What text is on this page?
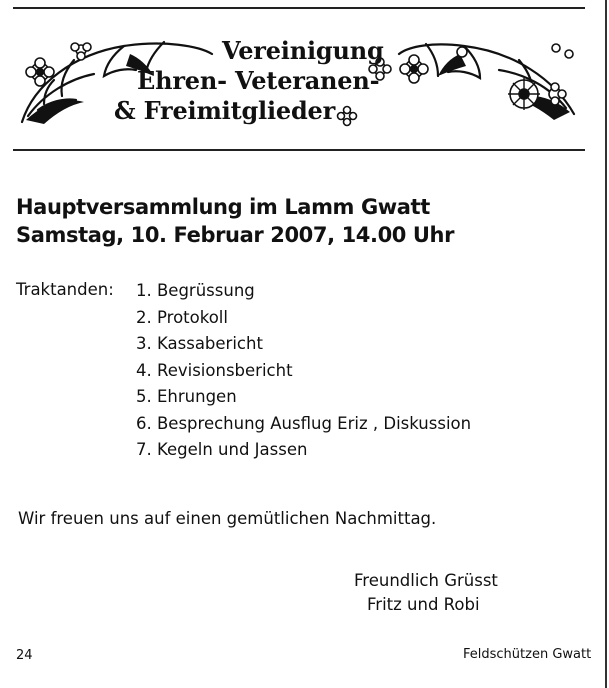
Vereinigung
Ehren- Veteranen-
& Freimitglieder
Hauptversammlung im Lamm Gwatt
Samstag, 10. Februar 2007, 14.00 Uhr
Traktanden: 1. Begrüssung
2. Protokoll
3. Kassabericht
4. Revisionsbericht
5. Ehrungen
6. Besprechung Ausflug Eriz , Diskussion
7. Kegeln und Jassen
Wir freuen uns auf einen gemütlichen Nachmittag.
Freundlich Grüsst
Fritz und Robi
24	Feldschützen Gwatt
